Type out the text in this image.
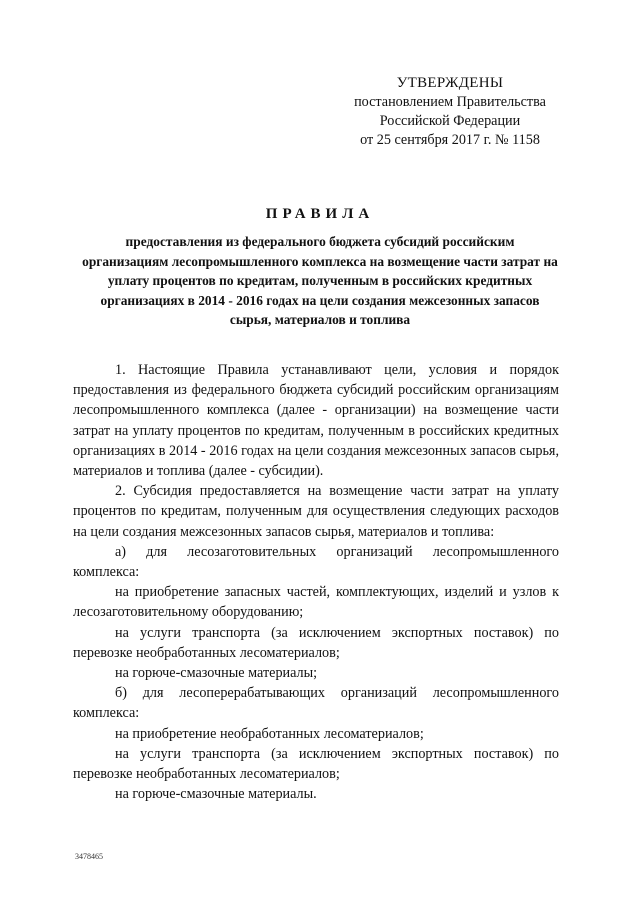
УТВЕРЖДЕНЫ
постановлением Правительства
Российской Федерации
от 25 сентября 2017 г. № 1158
ПРАВИЛА
предоставления из федерального бюджета субсидий российским организациям лесопромышленного комплекса на возмещение части затрат на уплату процентов по кредитам, полученным в российских кредитных организациях в 2014 - 2016 годах на цели создания межсезонных запасов сырья, материалов и топлива

1. Настоящие Правила устанавливают цели, условия и порядок предоставления из федерального бюджета субсидий российским организациям лесопромышленного комплекса (далее - организации) на возмещение части затрат на уплату процентов по кредитам, полученным в российских кредитных организациях в 2014 - 2016 годах на цели создания межсезонных запасов сырья, материалов и топлива (далее - субсидии).

2. Субсидия предоставляется на возмещение части затрат на уплату процентов по кредитам, полученным для осуществления следующих расходов на цели создания межсезонных запасов сырья, материалов и топлива:

а) для лесозаготовительных организаций лесопромышленного комплекса:

на приобретение запасных частей, комплектующих, изделий и узлов к лесозаготовительному оборудованию;

на услуги транспорта (за исключением экспортных поставок) по перевозке необработанных лесоматериалов;

на горюче-смазочные материалы;

б) для лесоперерабатывающих организаций лесопромышленного комплекса:

на приобретение необработанных лесоматериалов;

на услуги транспорта (за исключением экспортных поставок) по перевозке необработанных лесоматериалов;

на горюче-смазочные материалы.

3478465
